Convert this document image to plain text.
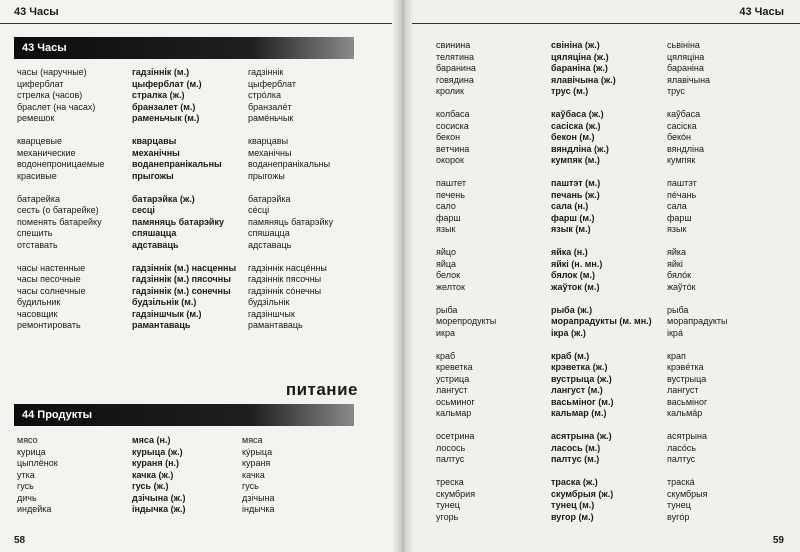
43 Часы
43 Часы
часы (наручные)
циферблат
стрелка (часов)
браслет (на часах)
ремешок
кварцевые
механические
водонепроницаемые
красивые
батарейка
сесть (о батарейке)
поменять батарейку
спешить
отставать
часы настенные
часы песочные
часы солнечные
будильник
часовщик
ремонтировать
гадзіннік (м.)
цыферблат (м.)
стралка (ж.)
бранзалет (м.)
раменьчык (м.)
кварцавы
механічны
воданепранікальны
прыгожы
батарэйка (ж.)
сесці
памяняць батарэйку
спяшацца
адставаць
гадзіннік (м.) насценны
гадзіннік (м.) пясочны
гадзіннік (м.) сонечны
будзільнік (м.)
гадзіншчык (м.)
рамантаваць
гадзіннік
цыферблат
стрóлка
бранзалéт
рамéньчык
кварцавы
механічны
воданепранікальны
прыгожы
батарэйка
сéсці
памяняць батарэйку
спяшацца
адставаць
гадзіннік насцéнны
гадзіннік пясочны
гадзіннік сóнечны
будзільнік
гадзіншчык
рамантаваць
питание
44 Продукты
мясо
курица
цыплёнок
утка
гусь
дичь
индейка
мяса (н.)
курыца (ж.)
кураня (н.)
качка (ж.)
гусь (ж.)
дзічына (ж.)
індычка (ж.)
мяса
кýрыца
кураня
качка
гусь
дзічына
індычка
58
43 Часы
свинина
телятина
баранина
говядина
кролик
колбаса
сосиска
бекон
ветчина
окорок
паштет
печень
сало
фарш
язык
яйцо
яйца
белок
желток
рыба
морепродукты
икра
краб
креветка
устрица
лангуст
осьминог
кальмар
осетрина
лосось
палтус
треска
скумбрия
тунец
угорь
свініна (ж.)
цяляціна (ж.)
бараніна (ж.)
ялавічына (ж.)
трус (м.)
каўбаса (ж.)
сасіска (ж.)
бекон (м.)
вяндліна (ж.)
кумпяк (м.)
паштэт (м.)
печань (ж.)
сала (н.)
фарш (м.)
язык (м.)
яйка (н.)
яйкі (н. мн.)
бялок (м.)
жаўток (м.)
рыба (ж.)
морапрадукты (м. мн.)
ікра (ж.)
краб (м.)
крэветка (ж.)
вустрыца (ж.)
лангуст (м.)
васьміног (м.)
кальмар (м.)
асятрына (ж.)
ласось (м.)
палтус (м.)
траска (ж.)
скумбрыя (ж.)
тунец (м.)
вугор (м.)
сьвініна
цяляціна
бараніна
ялавічына
трус
каўбаса
сасіска
бекóн
вяндліна
кумпяк
паштэт
пéчань
сала
фарш
язык
яйка
яйкі
бялóк
жаўтóк
рыба
морапрадукты
ікрá
крап
крэвéтка
вустрыца
лангуст
васьміног
кальмáр
асятрына
ласóсь
палтус
траскá
скумбрыя
тунец
вугóр
59
